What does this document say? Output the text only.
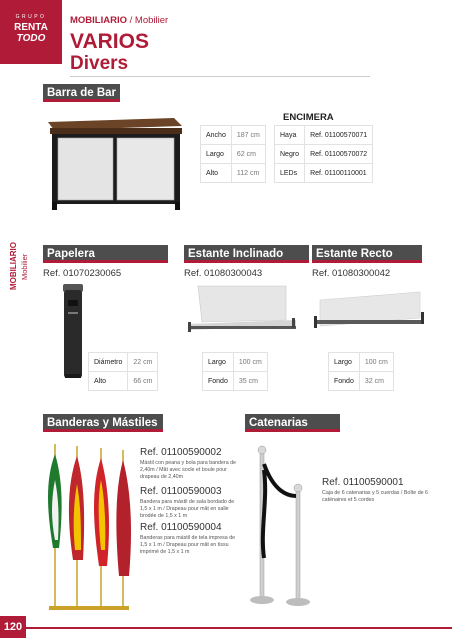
GRUPO
RENTA
TODO
MOBILIARIO / Mobilier
VARIOS
Divers
MOBILIARIO Mobilier
Barra de Bar
Ancho	187 cm
Largo	62 cm
Alto	112 cm
ENCIMERA
Haya	Ref. 01100570071
Negro	Ref. 01100570072
LEDs	Ref. 01100110001
Papelera
Ref. 01070230065
Estante Inclinado
Ref. 01080300043
Estante Recto
Ref. 01080300042
Diámetro	22 cm
Alto	66 cm
Largo	100 cm
Fondo	35 cm
Largo	100 cm
Fondo	32 cm
Banderas y Mástiles
Ref. 01100590002
Mástil con peana y bola para bandera de 2,40m / Mât avec socle et boule pour drapeau de 2,40m
Ref. 01100590003
Bandera para mástil de sala bordado de 1,5 x 1 m / Drapeau pour mât en salle brodée de 1,5 x 1 m
Ref. 01100590004
Banderas para mástil de tela impresa de 1,5 x 1 m / Drapeau pour mât en tissu imprimé de 1,5 x 1 m
Catenarias
Ref. 01100590001
Caja de 6 catenarias y 5 cuerdas / Boîte de 6 caténaires et 5 cordes
120
